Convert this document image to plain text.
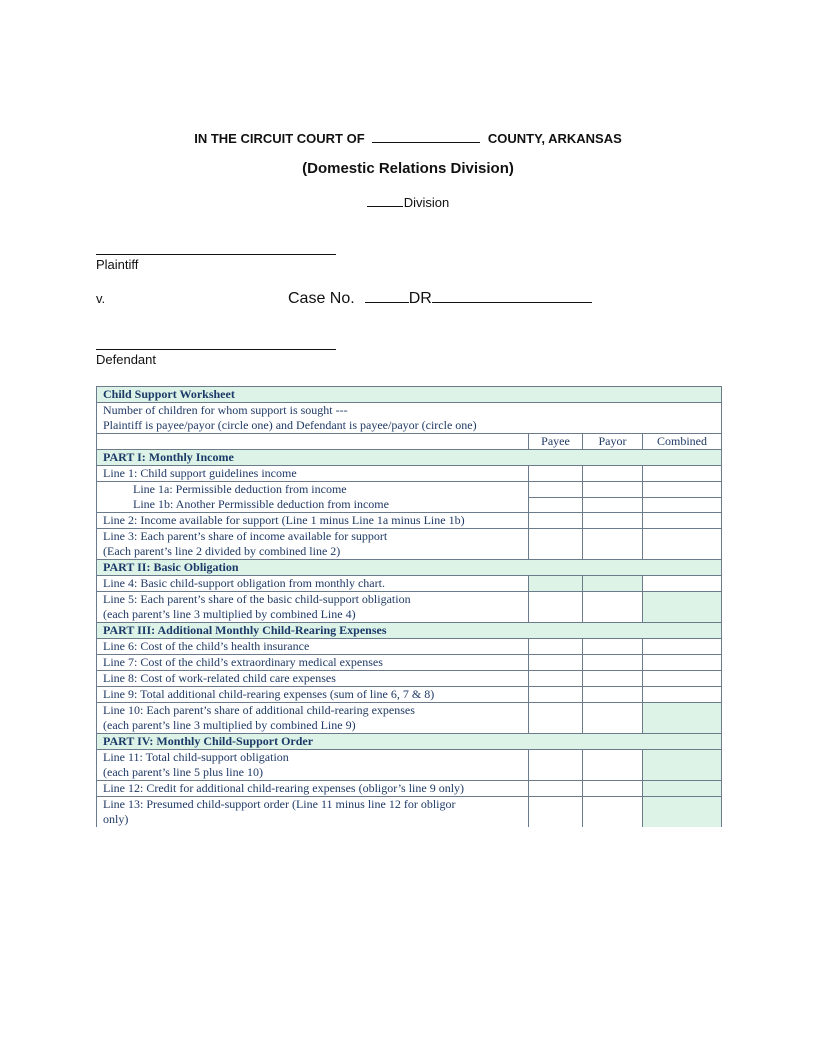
IN THE CIRCUIT COURT OF	COUNTY, ARKANSAS
(Domestic Relations Division)
Division
Plaintiff
v.	Case No.	DR
Defendant
Child Support Worksheet			

Number of children for whom support is sought ---
Plaintiff is payee/payor (circle one) and Defendant is payee/payor (circle one)			

	Payee	Payor	Combined
PART I: Monthly Income			
Line 1: Child support guidelines income			
Line 1a: Permissible deduction from income			
Line 1b: Another Permissible deduction from income			
Line 2: Income available for support (Line 1 minus Line 1a minus Line 1b)			

Line 3: Each parent’s share of income available for support
(Each parent’s line 2 divided by combined line 2)			

PART II: Basic Obligation			
Line 4: Basic child-support obligation from monthly chart.			

Line 5: Each parent’s share of the basic child-support obligation
(each parent’s line 3 multiplied by combined Line 4)			

PART III: Additional Monthly Child-Rearing Expenses			
Line 6: Cost of the child’s health insurance			
Line 7: Cost of the child’s extraordinary medical expenses			
Line 8: Cost of work-related child care expenses			
Line 9: Total additional child-rearing expenses (sum of line 6, 7 & 8)			

Line 10: Each parent’s share of additional child-rearing expenses
(each parent’s line 3 multiplied by combined Line 9)			

PART IV: Monthly Child-Support Order			

Line 11: Total child-support obligation
(each parent’s line 5 plus line 10)			

Line 12: Credit for additional child-rearing expenses (obligor’s line 9 only)			

Line 13: Presumed child-support order (Line 11 minus line 12 for obligor
only)			
